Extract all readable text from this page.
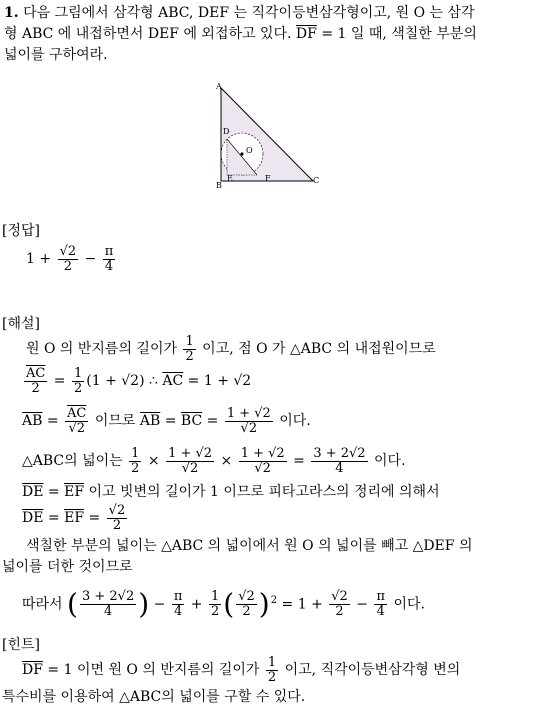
1. 다음 그림에서 삼각형 ABC, DEF 는 직각이등변삼각형이고, 원 O 는 삼각
형 ABC 에 내접하면서 DEF 에 외접하고 있다. $\overline{DF} = 1$ 일 때, 색칠한 부분의
넓이를 구하여라.
A
B
C
D
E	F
O
[정답]
$1 + \frac{√2}{2} - \frac{\pi}{4}$
[해설]
원 O 의 반지름의 길이가 $\frac{1}{2}$ 이고, 점 O 가 △ABC 의 내접원이므로
$\frac{\overline{AC}}{2} = \frac{1}{2} (1 + √2)$ ∴ $\overline{AC} = 1 + √2$
$\overline{AB} = \frac{\overline{AC}}{√2}$ 이므로 $\overline{AB} = \overline{BC} = \frac{1 + √2}{√2}$ 이다.
△ABC의 넓이는 $\frac{1}{2} \times \frac{1 + √2}{√2} \times \frac{1 + √2}{√2} = \frac{3 + 2√2}{4}$ 이다.
$\overline{DE} = \overline{EF}$ 이고 빗변의 길이가 1 이므로 피타고라스의 정리에 의해서
$\overline{DE} = \overline{EF} = \frac{√2}{2}$
색칠한 부분의 넓이는 △ABC 의 넓이에서 원 O 의 넓이를 빼고 △DEF 의
넓이를 더한 것이므로
따라서 ( $\frac{3 + 2√2}{4}$ ) − $\frac{\pi}{4} + \frac{1}{2}$ ( $\frac{√2}{2} )^2 = 1 + \frac{√2}{2} - \frac{\pi}{4}$ 이다.
[힌트]
$\overline{DF} = 1$ 이면 원 O 의 반지름의 길이가 $\frac{1}{2}$ 이고, 직각이등변삼각형 변의
특수비를 이용하여 △ABC의 넓이를 구할 수 있다.
